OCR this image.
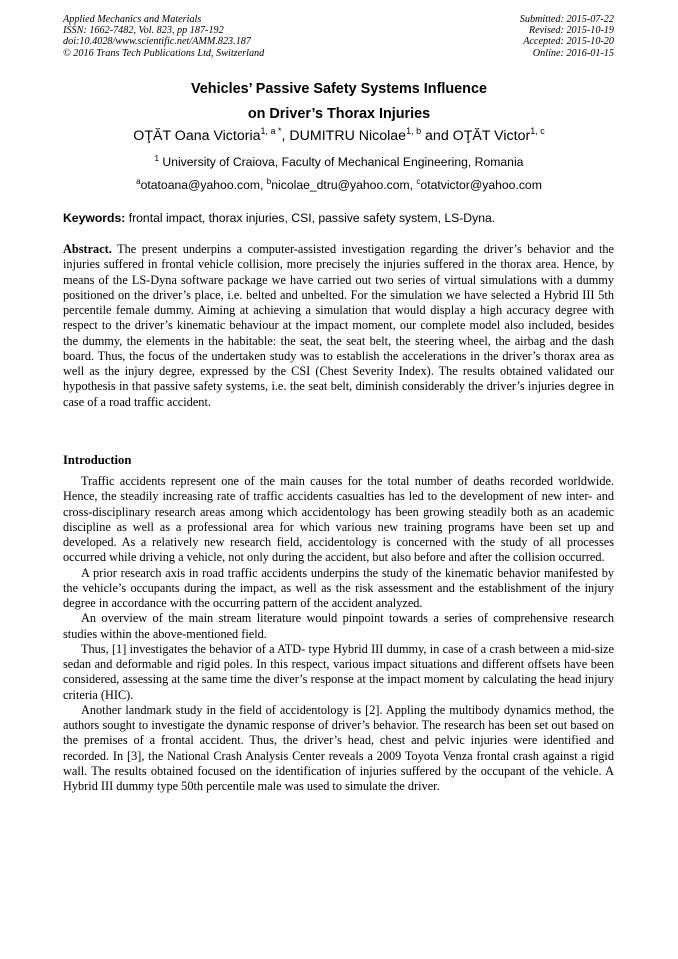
Applied Mechanics and Materials
ISSN: 1662-7482, Vol. 823, pp 187-192
doi:10.4028/www.scientific.net/AMM.823.187
© 2016 Trans Tech Publications Ltd, Switzerland
Submitted: 2015-07-22
Revised: 2015-10-19
Accepted: 2015-10-20
Online: 2016-01-15
Vehicles’ Passive Safety Systems Influence
on Driver’s Thorax Injuries
OŢĂT Oana Victoria$^{1, a *}$, DUMITRU Nicolae$^{1, b}$ and OŢĂT Victor$^{1, c}$
$^1$ University of Craiova, Faculty of Mechanical Engineering, Romania
$^a$otatoana@yahoo.com, $^b$nicolae_dtru@yahoo.com, $^c$otatvictor@yahoo.com
Keywords: frontal impact, thorax injuries, CSI, passive safety system, LS-Dyna.
Abstract. The present underpins a computer-assisted investigation regarding the driver’s behavior and the injuries suffered in frontal vehicle collision, more precisely the injuries suffered in the thorax area. Hence, by means of the LS-Dyna software package we have carried out two series of virtual simulations with a dummy positioned on the driver’s place, i.e. belted and unbelted. For the simulation we have selected a Hybrid III 5th percentile female dummy. Aiming at achieving a simulation that would display a high accuracy degree with respect to the driver’s kinematic behaviour at the impact moment, our complete model also included, besides the dummy, the elements in the habitable: the seat, the seat belt, the steering wheel, the airbag and the dash board. Thus, the focus of the undertaken study was to establish the accelerations in the driver’s thorax area as well as the injury degree, expressed by the CSI (Chest Severity Index). The results obtained validated our hypothesis in that passive safety systems, i.e. the seat belt, diminish considerably the driver’s injuries degree in case of a road traffic accident.
Introduction

Traffic accidents represent one of the main causes for the total number of deaths recorded worldwide. Hence, the steadily increasing rate of traffic accidents casualties has led to the development of new inter- and cross-disciplinary research areas among which accidentology has been growing steadily both as an academic discipline as well as a professional area for which various new training programs have been set up and developed. As a relatively new research field, accidentology is concerned with the study of all processes occurred while driving a vehicle, not only during the accident, but also before and after the collision occurred.

A prior research axis in road traffic accidents underpins the study of the kinematic behavior manifested by the vehicle’s occupants during the impact, as well as the risk assessment and the establishment of the injury degree in accordance with the occurring pattern of the accident analyzed.

An overview of the main stream literature would pinpoint towards a series of comprehensive research studies within the above-mentioned field.

Thus, [1] investigates the behavior of a ATD- type Hybrid III dummy, in case of a crash between a mid-size sedan and deformable and rigid poles. In this respect, various impact situations and different offsets have been considered, assessing at the same time the diver’s response at the impact moment by calculating the head injury criteria (HIC).

Another landmark study in the field of accidentology is [2]. Appling the multibody dynamics method, the authors sought to investigate the dynamic response of driver’s behavior. The research has been set out based on the premises of a frontal accident. Thus, the driver’s head, chest and pelvic injuries were identified and recorded. In [3], the National Crash Analysis Center reveals a 2009 Toyota Venza frontal crash against a rigid wall. The results obtained focused on the identification of injuries suffered by the occupant of the vehicle. A Hybrid III dummy type 50th percentile male was used to simulate the driver.
